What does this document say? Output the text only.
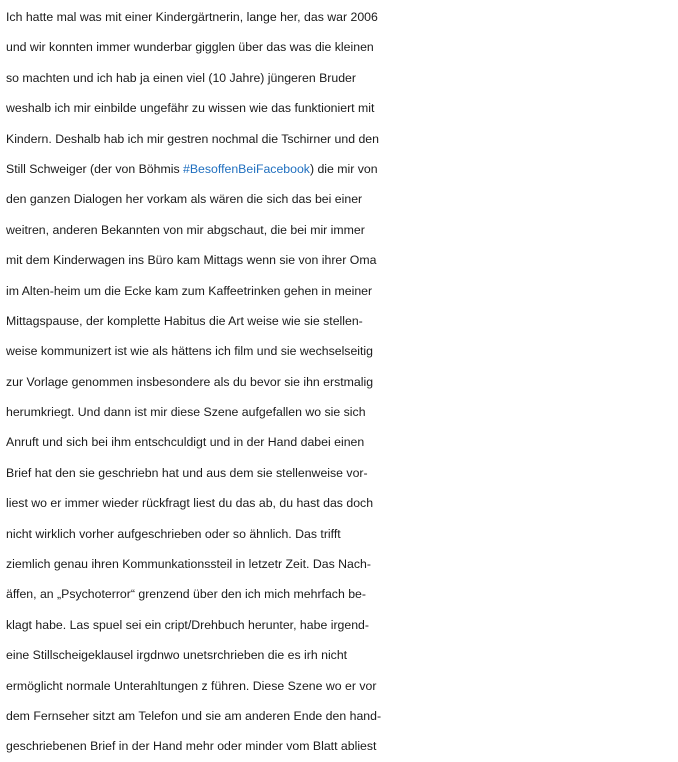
Ich hatte mal was mit einer Kindergärtnerin, lange her, das war 2006
und wir konnten immer wunderbar gigglen über das was die kleinen
so machten und ich hab ja einen viel (10 Jahre) jüngeren Bruder
weshalb ich mir einbilde ungefähr zu wissen wie das funktioniert mit
Kindern. Deshalb hab ich mir gestren nochmal die Tschirner und den
Still Schweiger (der von Böhmis #BesoffenBeiFacebook) die mir von
den ganzen Dialogen her vorkam als wären die sich das bei einer
weitren, anderen Bekannten von mir abgschaut, die bei mir immer
mit dem Kinderwagen ins Büro kam Mittags wenn sie von ihrer Oma
im Alten-heim um die Ecke kam zum Kaffeetrinken gehen in meiner
Mittagspause, der komplette Habitus die Art weise wie sie stellen-
weise kommunizert ist wie als hättens ich film und sie wechselseitig
zur Vorlage genommen insbesondere als du bevor sie ihn erstmalig
herumkriegt. Und dann ist mir diese Szene aufgefallen wo sie sich
Anruft und sich bei ihm entschculdigt und in der Hand dabei einen
Brief hat den sie geschriebn hat und aus dem sie stellenweise vor-
liest wo er immer wieder rückfragt liest du das ab, du hast das doch
nicht wirklich vorher aufgeschrieben oder so ähnlich. Das trifft
ziemlich genau ihren Kommunkationssteil in letzetr Zeit. Das Nach-
äffen, an „Psychoterror“ grenzend über den ich mich mehrfach be-
klagt habe. Las spuel sei ein cript/Drehbuch herunter, habe irgend-
eine Stillscheigeklausel irgdnwo unetsrchrieben die es irh nicht
ermöglicht normale Unterahltungen z führen. Diese Szene wo er vor
dem Fernseher sitzt am Telefon und sie am anderen Ende den hand-
geschriebenen Brief in der Hand mehr oder minder vom Blatt abliest
